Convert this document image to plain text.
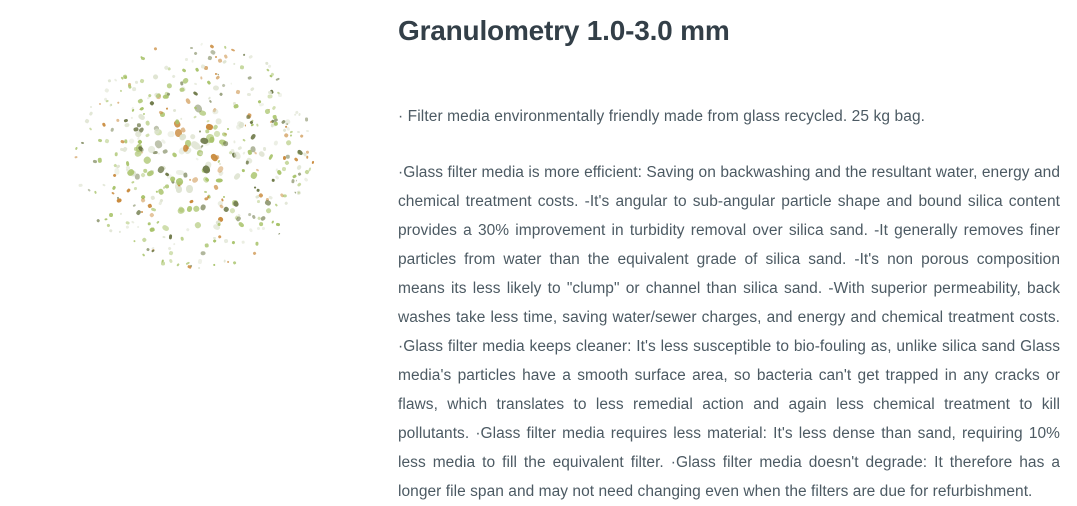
Granulometry 1.0-3.0 mm

· Filter media environmentally friendly made from glass recycled. 25 kg bag.

·Glass filter media is more efficient: Saving on backwashing and the resultant water, energy and chemical treatment costs. -It's angular to sub-angular particle shape and bound silica content provides a 30% improvement in turbidity removal over silica sand. -It generally removes finer particles from water than the equivalent grade of silica sand. -It's non porous composition means its less likely to "clump" or channel than silica sand. -With superior permeability, back washes take less time, saving water/sewer charges, and energy and chemical treatment costs. ·Glass filter media keeps cleaner: It's less susceptible to bio-fouling as, unlike silica sand Glass media's particles have a smooth surface area, so bacteria can't get trapped in any cracks or flaws, which translates to less remedial action and again less chemical treatment to kill pollutants. ·Glass filter media requires less material: It's less dense than sand, requiring 10% less media to fill the equivalent filter. ·Glass filter media doesn't degrade: It therefore has a longer file span and may not need changing even when the filters are due for refurbishment.
